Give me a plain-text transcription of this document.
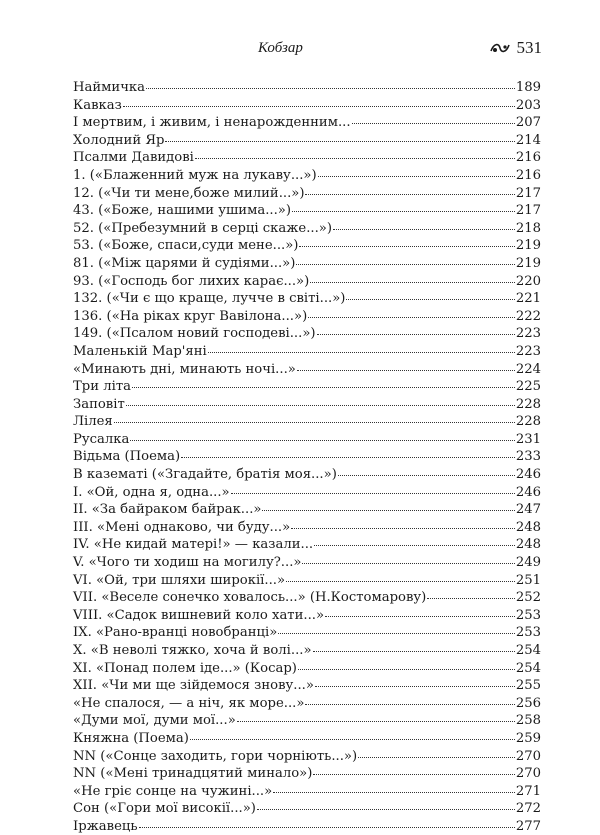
Кобзар	531
Наймичка	189
Кавказ	203
І мертвим, і живим, і ненарожденним...	207
Холодний Яр	214
Псалми Давидові	216
1. («Блаженний муж на лукаву...»)	216
12. («Чи ти мене,боже милий...»)	217
43. («Боже, нашими ушима...»)	217
52. («Пребезумний в серці скаже...»)	218
53. («Боже, спаси,суди мене...»)	219
81. («Між царями й судіями...»)	219
93. («Господь бог лихих карає...»)	220
132. («Чи є що краще, лучче в світі...»)	221
136. («На ріках круг Вавілона...»)	222
149. («Псалом новий господеві...»)	223
Маленькій Мар'яні	223
«Минають дні, минають ночі...»	224
Три літа	225
Заповіт	228
Лілея	228
Русалка	231
Відьма (Поема)	233
В казематі («Згадайте, братія моя...»)	246
І. «Ой, одна я, одна...»	246
II. «За байраком байрак...»	247
III. «Мені однаково, чи буду...»	248
IV. «Не кидай матері!» — казали...	248
V. «Чого ти ходиш на могилу?...»	249
VI. «Ой, три шляхи широкії...»	251
VII. «Веселе сонечко ховалось...» (Н.Костомарову)	252
VIII. «Садок вишневий коло хати...»	253
IX. «Рано-вранці новобранці»	253
X. «В неволі тяжко, хоча й волі...»	254
XI. «Понад полем іде...» (Косар)	254
XII. «Чи ми ще зійдемося знову...»	255
«Не спалося, — а ніч, як море...»	256
«Думи мої, думи мої...»	258
Княжна (Поема)	259
NN («Сонце заходить, гори чорніють...»)	270
NN («Мені тринадцятий минало»)	270
«Не гріє сонце на чужині...»	271
Сон («Гори мої високії...»)	272
Іржавець	277
